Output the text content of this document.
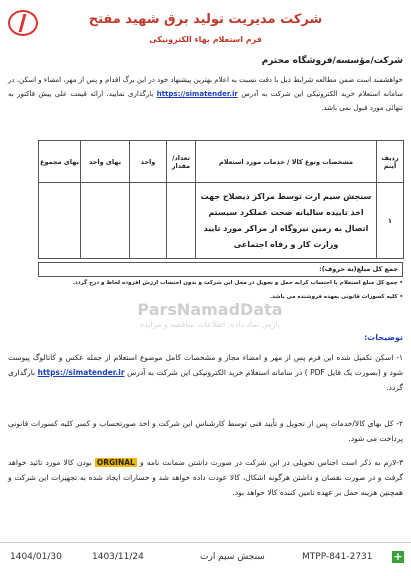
شرکت مدیریت تولید برق شهید مفتح
فرم استعلام بهاء الکترونیکی
شرکت/مؤسسه/فروشگاه محترم
خواهشمند است ضمن مطالعه شرایط ذیل با دقت نسبت به اعلام بهترین پیشنهاد خود در این برگ اقدام و پس از مهر، امضاء و اسکن، در سامانه استعلام خرید الکترونیکی این شرکت به آدرس https://simatender.ir بارگذاری نمایید، ارائه قیمت علی پیش فاکتور به تنهائی مورد قبول نمی باشد.
ردیف آیتم	مشخصات ونوع کالا / خدمات مورد استعلام	تعداد/ مقدار	واحد	بهای واحد	بهای مجموع
۱	سنجش سیم ارت توسط مراکز ذیصلاح جهت اخذ تاییده سالیانه صحت عملکرد سیستم اتصال به زمین نیروگاه از مراکز مورد تایید وزارت کار و رفاه اجتماعی				
جمع کل مبلغ(به حروف):
• جمع کل مبلغ استعلام با احتساب کرایه حمل و تحویل در محل این شرکت و بدون احتساب ارزش افزوده لحاظ و درج گردد.
• کلیه کسورات قانونی بعهده فروشنده می باشد.
ParsNamadData
پارس نماد داده: اطلاعات مناقصه و مزایده
توضیحات:
۱- اسکن تکمیل شده این فرم پس از مهر و امضاء مجاز و مشخصات کامل موضوع استعلام از جمله عکس و کاتالوگ پیوست شود و (بصورت یک فایل PDF ) در سامانه استعلام خرید الکترونیکی این شرکت به آدرس https://simatender.ir بارگذاری گردد.
۲- کل بهای کالا/خدمات پس از تحویل و تأیید فنی توسط کارشناس این شرکت و اخذ صورتحساب و کسر کلیه کسورات قانونی پرداخت می شود.
۳-لازم به ذکر است اجناس تحویلی در این شرکت در صورت داشتن ضمانت نامه و ORGINAL بودن کالا مورد تائید خواهد گرفت و در صورت نقصان و داشتن هرگونه اشکال، کالا عودت داده خواهد شد و خسارات ایجاد شده به تجهیزات این شرکت و همچنین هزینه حمل بر عهده تامین کننده کالا خواهد بود.
1404/01/30	1403/11/24	سنجش سیم ارت	MTPP-841-2731 +
